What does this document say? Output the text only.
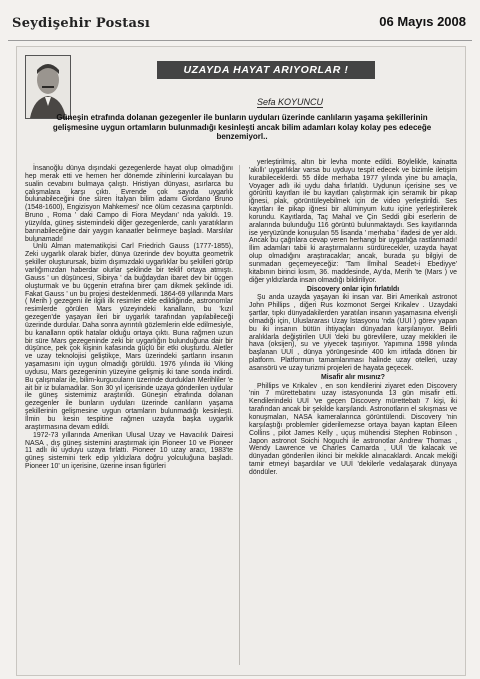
Seydişehir Postası	06 Mayıs 2008
UZAYDA HAYAT ARIYORLAR !
Sefa KOYUNCU
Güneşin etrafında dolanan gezegenler ile bunların uyduları üzerinde canlıların yaşama şekillerinin gelişmesine uygun ortamların bulunmadığı kesinleşti ancak bilim adamları kolay kolay pes edeceğe benzemiyorl..

İnsanoğlu dünya dışındaki gezegenlerde hayat olup olmadığını hep merak etti ve hemen her dönemde zihinlerini kurcalayan bu sualin cevabını bulmaya çalıştı. Hristiyan dünyası, asırlarca bu çalışmalara karşı çıktı. Evrende çok sayıda uygarlık bulunabileceğini öne süren İtalyan bilim adamı Giordano Bruno (1548-1600), Engizisyon Mahkemesi' nce ölüm cezasına çarptırıldı. Bruno , Roma ' daki Campo di Fiora Meydanı' nda yakıldı. 19. yüzyılda, güneş sistemindeki diğer gezegenlerde, canlı yaratıkların barınabileceğine dair yaygın kanaatler belirmeye başladı. Marslılar bulunamadı!

Ünlü Alman matematikçisi Carl Friedrich Gauss (1777-1855), Zeki uygarlık olarak bizler, dünya üzerinde dev boyutta geometrik şekiller oluşturursak, bizim dışımızdaki uygarlıklar bu şekilleri görüp varlığımızdan haberdar olurlar şeklinde bir teklif ortaya atmıştı. Gauss ' un düşüncesi, Sibirya ' da buğdaydan ibaret dev bir üçgen oluşturmak ve bu üçgenin etrafına birer çam dikmek şeklinde idi. Fakat Gauss ' un bu projesi desteklenmedi. 1864-69 yıllarında Mars ( Merih ) gezegeni ile ilgili ilk resimler elde edildiğinde, astronomlar resimlerde görülen Mars yüzeyindeki kanalların, bu 'kızıl gezegen'de yaşayan ileri bir uygarlık tarafından yapılabileceği üzerinde durdular. Daha sonra ayrıntılı gözlemlerin elde edilmesiyle, bu kanalların optik hatalar olduğu ortaya çıktı. Buna rağmen uzun bir süre Mars gezegeninde zeki bir uygarlığın bulunduğuna dair bir düşünce, pek çok kişinin kafasında güçlü bir etki oluşturdu. Aletler ve uzay teknolojisi geliştikçe, Mars üzerindeki şartların insanın yaşamasını için uygun olmadığı görüldü. 1976 yılında iki Viking uydusu, Mars gezegeninin yüzeyine gelişmiş iki tane sonda indirdi. Bu çalışmalar ile, bilim-kurgucuların üzerinde durdukları Merihliler 'e ait bir iz bulamadılar. Son 30 yıl içerisinde uzaya gönderilen uydular ile güneş sistemimiz araştırıldı. Güneşin etrafında dolanan gezegenler ile bunların uyduları üzerinde canlıların yaşama şekillerinin gelişmesine uygun ortamların bulunmadığı kesinleşti. İlmin bu kesin tespitine rağmen uzayda başka uygarlık araştırmasına devam edildi.

1972-73 yıllarında Amerikan Ulusal Uzay ve Havacılık Dairesi NASA , dış güneş sistemini araştırmak için Pioneer 10 ve Pioneer 11 adlı iki uyduyu uzaya fırlattı. Pioneer 10 uzay aracı, 1983'te güneş sistemini terk edip yıldızlara doğru yolculuğuna başladı. Pioneer 10' un içerisine, üzerine insan figürleri

yerleştirilmiş, altın bir levha monte edildi. Böylelikle, kainatta 'akıllı' uygarlıklar varsa bu uyduyu tespit edecek ve bizimle iletişim kurabileceklerdi. 55 dilde merhaba 1977 yılında yine bu amaçla, Voyager adlı iki uydu daha fırlatıldı. Uydunun içerisine ses ve görüntü kayıtları ile bu kayıtları çalıştırmak için seramik bir pikap iğnesi, plak, görüntüleyebilmek için de video yerleştirildi. Ses kayıtları ile pikap iğnesi bir alüminyum kutu içine yerleştirilerek korundu. Kayıtlarda, Taç Mahal ve Çin Seddi gibi eserlerin de aralarında bulunduğu 116 görüntü bulunmaktaydı. Ses kayıtlarında ise yeryüzünde konuşulan 55 lisanda ' merhaba ' ifadesi de yer aldı. Ancak bu çağrılara cevap veren herhangi bir uygarlığa rastlanmadı! İlim adamları tabii ki araştırmalarını sürdürecekler, uzayda hayat olup olmadığını araştıracaklar; ancak, burada şu bilgiyi de sunmadan geçemeyeceğiz: 'Tam İlmihal Seadet-i Ebediyye' kitabının birinci kısım, 36. maddesinde, Ay'da, Merih 'te (Mars ) ve diğer yıldızlarda insan olmadığı bildiriliyor.

Discovery onlar için fırlatıldı

Şu anda uzayda yaşayan iki insan var. Biri Amerikalı astronot John Phillips , diğeri Rus kozmonot Sergei Krikalev . Uzaydaki şartlar, tıpkı dünyadakilerden yaratılan insanın yaşamasına elverişli olmadığı için, Uluslararası Uzay İstasyonu 'nda (UUİ ) görev yapan bu iki insanın bütün ihtiyaçları dünyadan karşılanıyor. Belirli aralıklarla değiştirilen UUİ 'deki bu görevlilere, uzay mekikleri ile hava (oksijen), su ve yiyecek taşınıyor. Yapımına 1998 yılında başlanan UUİ , dünya yörüngesinde 400 km irtifada dönen bir platform. Platformun tamamlanması halinde uzay otelleri, uzay asansörü ve uzay turizmi projeleri de hayata geçecek.

Misafir alır mısınız?

Phillips ve Krikalev , en son kendilerini ziyaret eden Discovery 'nin 7 mürettebatını uzay istasyonunda 13 gün misafir etti. Kendilerindeki UUİ 've geçen Discovery mürettebatı 7 kişi, iki tarafından ancak bir şekilde karşılandı. Astronotların el sıkışması ve konuşmaları, NASA kameralarınca görüntülendi. Discovery 'nin karşılaştığı problemler giderilemezse ortaya bayan kaptan Eileen Collins , pilot James Kelly , uçuş mühendisi Stephen Robinson , Japon astronot Soichi Noguchi ile astronotlar Andrew Thomas , Wendy Lawrence ve Charles Camarda , UUİ 'de kalacak ve dünyadan gönderilen ikinci bir mekikle alınacaklardı. Ancak mekiği tamir etmeyi başardılar ve UUİ 'dekilerle vedalaşarak dünyaya döndüler.
